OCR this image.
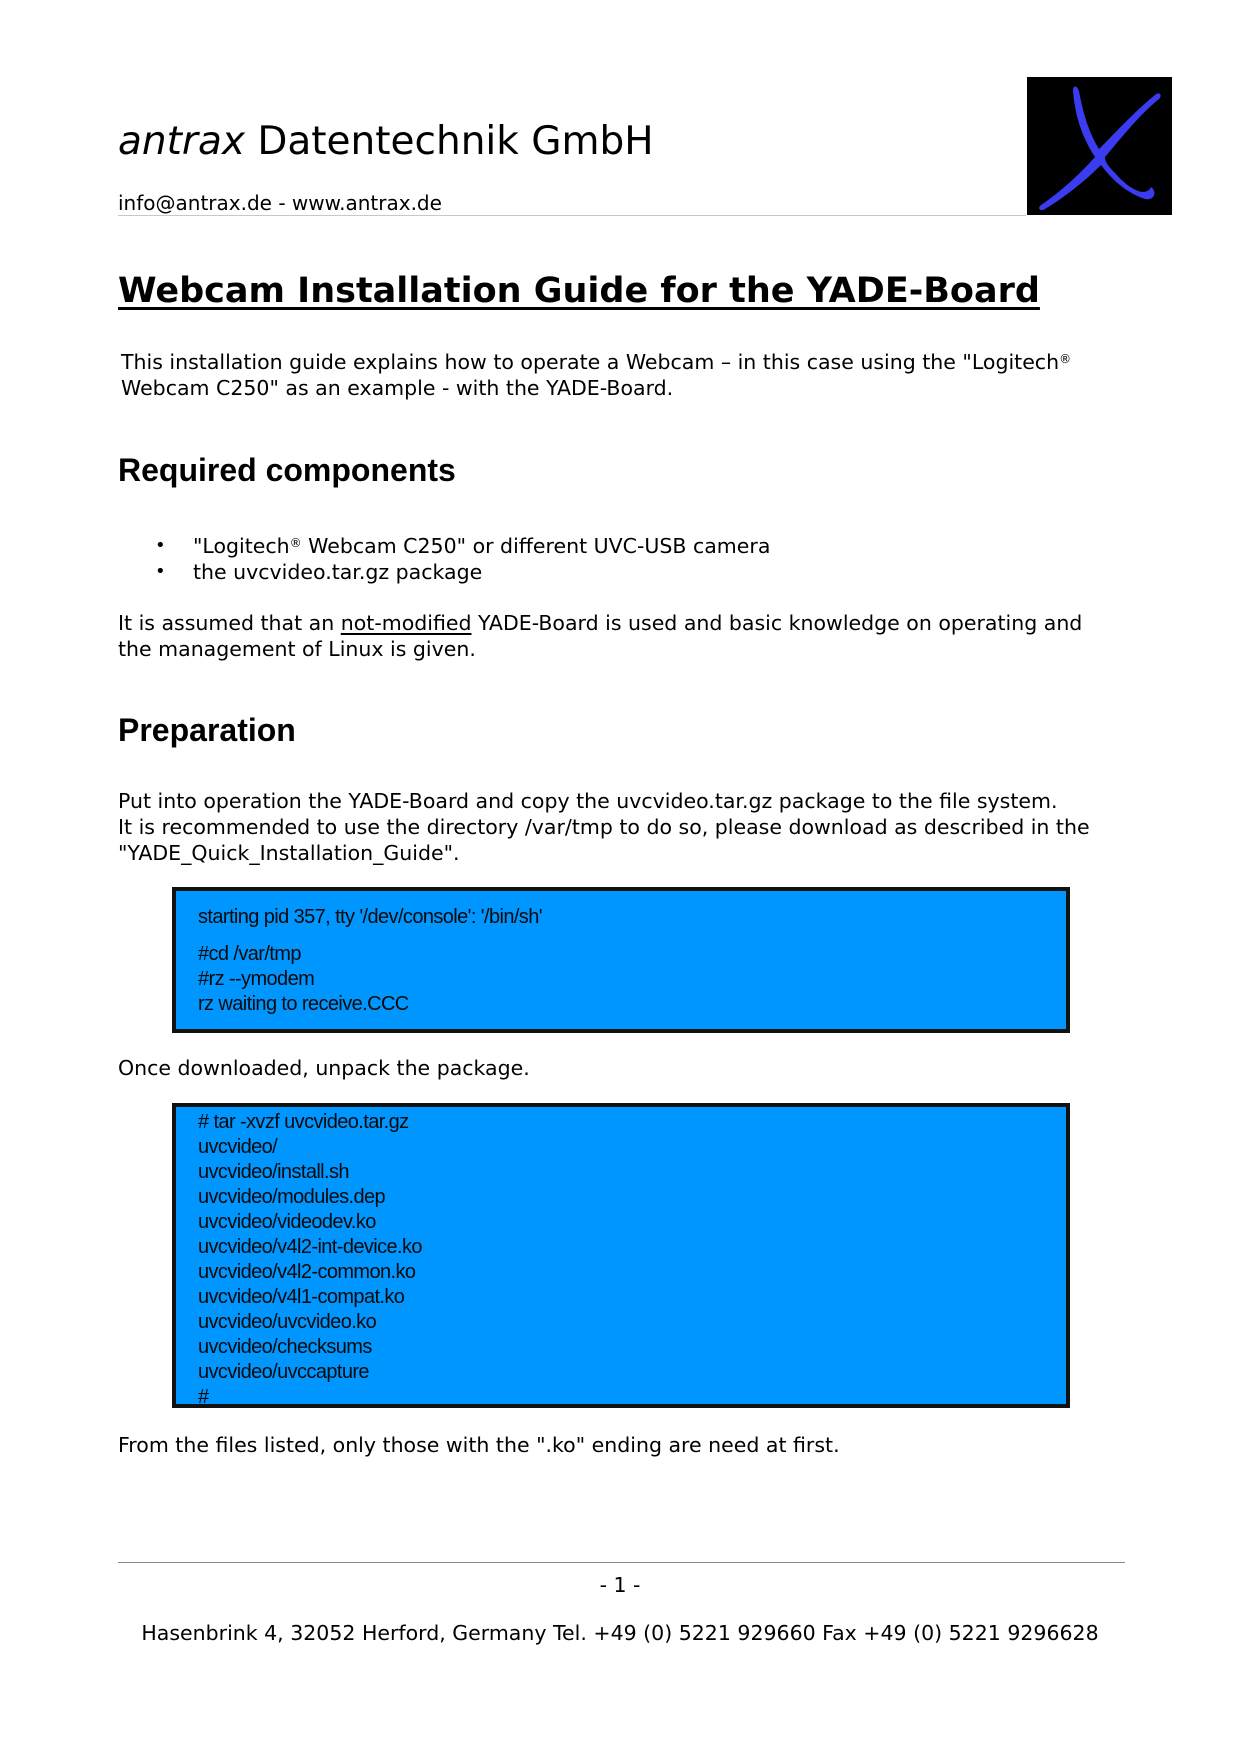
antrax Datentechnik GmbH
info@antrax.de - www.antrax.de
Webcam Installation Guide for the YADE-Board
This installation guide explains how to operate a Webcam – in this case using the "Logitech®
Webcam C250" as an example - with the YADE-Board.
Required components
• "Logitech® Webcam C250" or different UVC-USB camera
• the uvcvideo.tar.gz package
It is assumed that an not-modified YADE-Board is used and basic knowledge on operating and the management of Linux is given.
Preparation
Put into operation the YADE-Board and copy the uvcvideo.tar.gz package to the file system.
It is recommended to use the directory /var/tmp to do so, please download as described in the
"YADE_Quick_Installation_Guide".
starting pid 357, tty '/dev/console': '/bin/sh'
#cd /var/tmp
#rz --ymodem
rz waiting to receive.CCC
Once downloaded, unpack the package.
# tar -xvzf uvcvideo.tar.gz
uvcvideo/
uvcvideo/install.sh
uvcvideo/modules.dep
uvcvideo/videodev.ko
uvcvideo/v4l2-int-device.ko
uvcvideo/v4l2-common.ko
uvcvideo/v4l1-compat.ko
uvcvideo/uvcvideo.ko
uvcvideo/checksums
uvcvideo/uvccapture
#
From the files listed, only those with the ".ko" ending are need at first.
- 1 -
Hasenbrink 4, 32052 Herford, Germany Tel. +49 (0) 5221 929660 Fax +49 (0) 5221 9296628
